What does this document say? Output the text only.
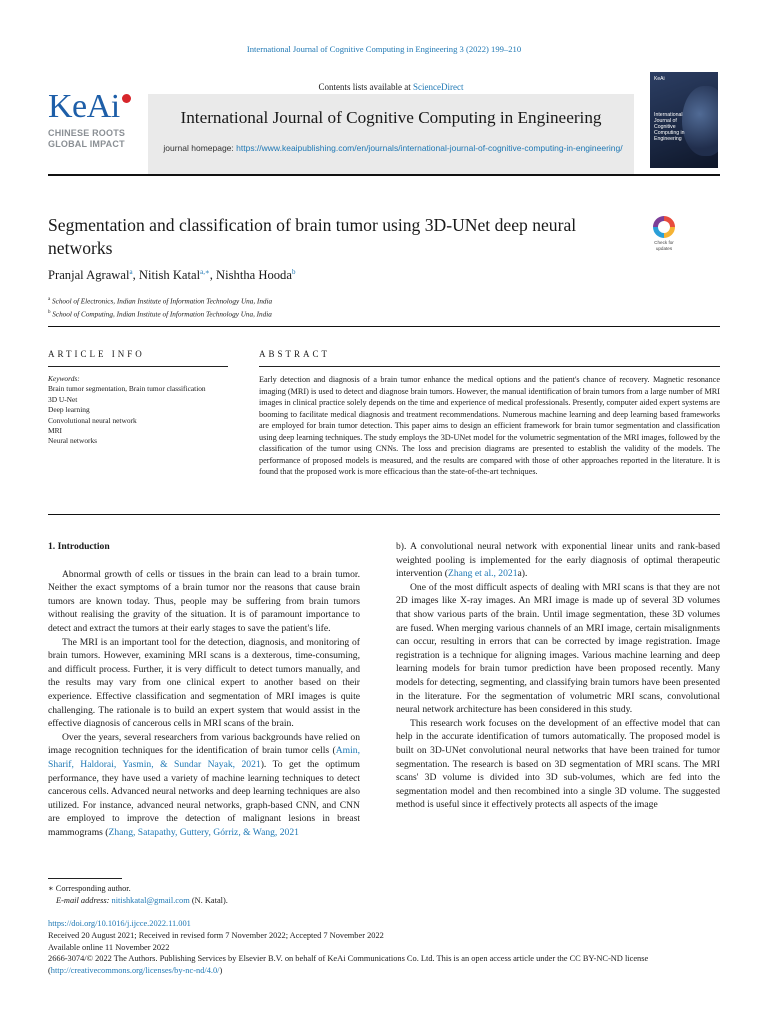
International Journal of Cognitive Computing in Engineering 3 (2022) 199–210
KeAi
CHINESE ROOTS
GLOBAL IMPACT
Contents lists available at ScienceDirect
International Journal of Cognitive Computing in Engineering
journal homepage: https://www.keaipublishing.com/en/journals/international-journal-of-cognitive-computing-in-engineering/
KeAi
International Journal of Cognitive Computing in Engineering
Segmentation and classification of brain tumor using 3D-UNet deep neural networks	Check for updates
Pranjal Agrawal$^a$, Nitish Katal$^{a,∗}$, Nishtha Hooda$^b$
$^a$ School of Electronics, Indian Institute of Information Technology Una, India
$^b$ School of Computing, Indian Institute of Information Technology Una, India
ARTICLE INFO	ABSTRACT
Keywords:
Brain tumor segmentation, Brain tumor classification
3D U-Net
Deep learning
Convolutional neural network
MRI
Neural networks
Early detection and diagnosis of a brain tumor enhance the medical options and the patient's chance of recovery. Magnetic resonance imaging (MRI) is used to detect and diagnose brain tumors. However, the manual identification of brain tumors from a large number of MRI images in clinical practice solely depends on the time and experience of medical professionals. Presently, computer aided expert systems are booming to facilitate medical diagnosis and treatment recommendations. Numerous machine learning and deep learning based frameworks are employed for brain tumor detection. This paper aims to design an efficient framework for brain tumor segmentation and classification using deep learning techniques. The study employs the 3D-UNet model for the volumetric segmentation of the MRI images, followed by the classification of the tumor using CNNs. The loss and precision diagrams are presented to establish the validity of the models. The performance of proposed models is measured, and the results are compared with those of other approaches reported in the literature. It is found that the proposed work is more efficacious than the state-of-the-art techniques.
1. Introduction

Abnormal growth of cells or tissues in the brain can lead to a brain tumor. Neither the exact symptoms of a brain tumor nor the reasons that cause brain tumors are known today. Thus, people may be suffering from brain tumors without realising the gravity of the situation. It is of paramount importance to detect and extract the tumors at their early stages to save the patient's life.

The MRI is an important tool for the detection, diagnosis, and monitoring of brain tumors. However, examining MRI scans is a dexterous, time-consuming, and difficult process. Further, it is very difficult to detect tumors manually, and the results may vary from one clinical expert to another based on their experience. Effective classification and segmentation of MRI images is quite challenging. The rationale is to build an expert system that would assist in the effective diagnosis of cancerous cells in MRI scans of the brain.

Over the years, several researchers from various backgrounds have relied on image recognition techniques for the identification of brain tumor cells (Amin, Sharif, Haldorai, Yasmin, & Sundar Nayak, 2021). To get the optimum performance, they have used a variety of machine learning techniques to detect cancerous cells. Advanced neural networks and deep learning techniques are also utilized. For instance, advanced neural networks, graph-based CNN, and CNN are employed to improve the detection of malignant lesions in breast mammograms (Zhang, Satapathy, Guttery, Górriz, & Wang, 2021

b). A convolutional neural network with exponential linear units and rank-based weighted pooling is implemented for the early diagnosis of optimal therapeutic intervention (Zhang et al., 2021a).

One of the most difficult aspects of dealing with MRI scans is that they are not 2D images like X-ray images. An MRI image is made up of several 3D volumes that show various parts of the brain. Until image segmentation, these 3D volumes are fused. When merging various channels of an MRI image, certain misalignments can occur, resulting in errors that can be corrected by image registration. Image registration is a technique for aligning images. Various machine learning and deep learning models for brain tumor prediction have been proposed recently. Many models for detecting, segmenting, and classifying brain tumors have been presented in the literature. For the segmentation of volumetric MRI scans, convolutional neural network architecture has been considered in this study.

This research work focuses on the development of an effective model that can help in the accurate identification of tumors automatically. The proposed model is built on 3D-UNet convolutional neural networks that have been trained for tumor segmentation. The research is based on 3D segmentation of MRI scans. The MRI scans' 3D volume is divided into 3D sub-volumes, which are fed into the segmentation model and then recombined into a single 3D volume. The suggested method is useful since it effectively protects all aspects of the image

∗ Corresponding author.
E-mail address: nitishkatal@gmail.com (N. Katal).
https://doi.org/10.1016/j.ijcce.2022.11.001
Received 20 August 2021; Received in revised form 7 November 2022; Accepted 7 November 2022
Available online 11 November 2022
2666-3074/© 2022 The Authors. Publishing Services by Elsevier B.V. on behalf of KeAi Communications Co. Ltd. This is an open access article under the CC BY-NC-ND license (http://creativecommons.org/licenses/by-nc-nd/4.0/)
